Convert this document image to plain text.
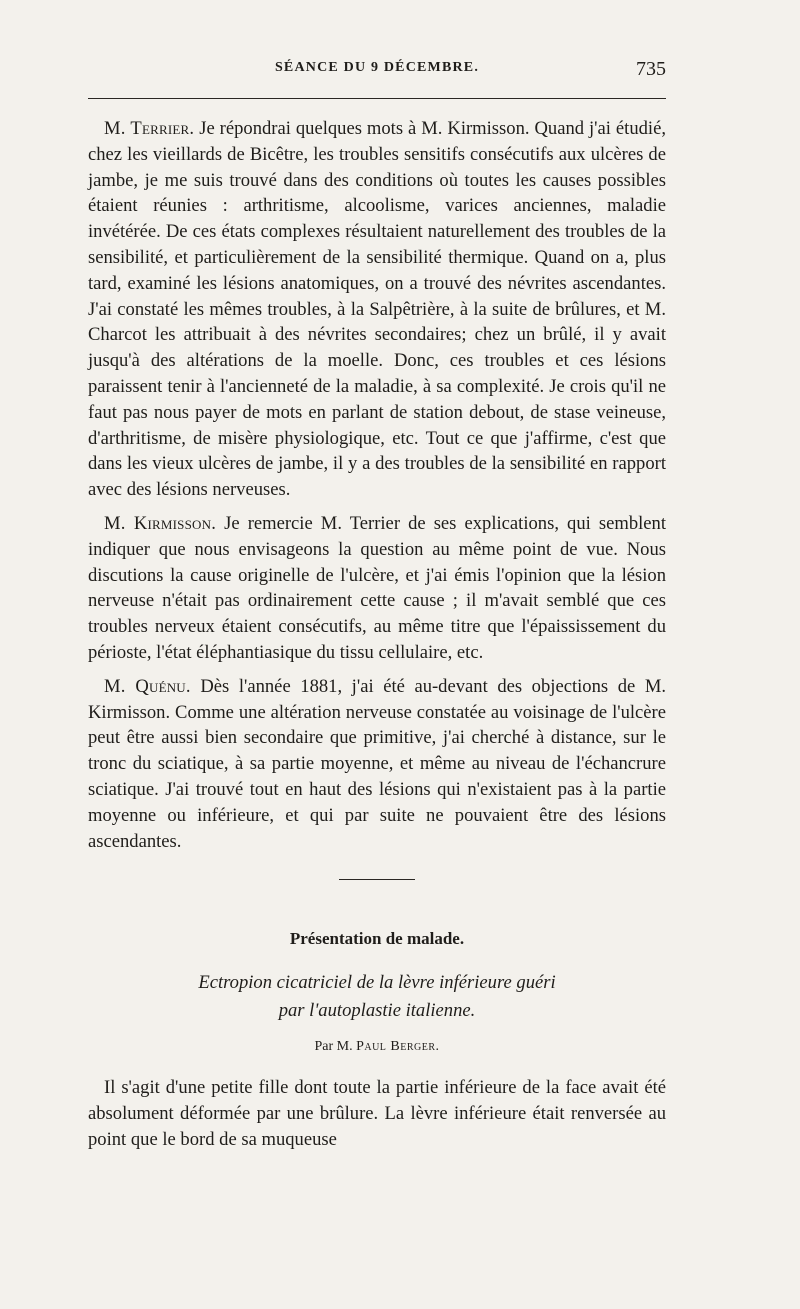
SÉANCE DU 9 DÉCEMBRE.	735

M. Terrier. Je répondrai quelques mots à M. Kirmisson. Quand j'ai étudié, chez les vieillards de Bicêtre, les troubles sensitifs consécutifs aux ulcères de jambe, je me suis trouvé dans des conditions où toutes les causes possibles étaient réunies : arthritisme, alcoolisme, varices anciennes, maladie invétérée. De ces états complexes résultaient naturellement des troubles de la sensibilité, et particulièrement de la sensibilité thermique. Quand on a, plus tard, examiné les lésions anatomiques, on a trouvé des névrites ascendantes. J'ai constaté les mêmes troubles, à la Salpêtrière, à la suite de brûlures, et M. Charcot les attribuait à des névrites secondaires; chez un brûlé, il y avait jusqu'à des altérations de la moelle. Donc, ces troubles et ces lésions paraissent tenir à l'ancienneté de la maladie, à sa complexité. Je crois qu'il ne faut pas nous payer de mots en parlant de station debout, de stase veineuse, d'arthritisme, de misère physiologique, etc. Tout ce que j'affirme, c'est que dans les vieux ulcères de jambe, il y a des troubles de la sensibilité en rapport avec des lésions nerveuses.

M. Kirmisson. Je remercie M. Terrier de ses explications, qui semblent indiquer que nous envisageons la question au même point de vue. Nous discutions la cause originelle de l'ulcère, et j'ai émis l'opinion que la lésion nerveuse n'était pas ordinairement cette cause ; il m'avait semblé que ces troubles nerveux étaient consécutifs, au même titre que l'épaississement du périoste, l'état éléphantiasique du tissu cellulaire, etc.

M. Quénu. Dès l'année 1881, j'ai été au-devant des objections de M. Kirmisson. Comme une altération nerveuse constatée au voisinage de l'ulcère peut être aussi bien secondaire que primitive, j'ai cherché à distance, sur le tronc du sciatique, à sa partie moyenne, et même au niveau de l'échancrure sciatique. J'ai trouvé tout en haut des lésions qui n'existaient pas à la partie moyenne ou inférieure, et qui par suite ne pouvaient être des lésions ascendantes.

Présentation de malade.

Ectropion cicatriciel de la lèvre inférieure guéri

par l'autoplastie italienne.

Par M. Paul Berger.

Il s'agit d'une petite fille dont toute la partie inférieure de la face avait été absolument déformée par une brûlure. La lèvre inférieure était renversée au point que le bord de sa muqueuse
